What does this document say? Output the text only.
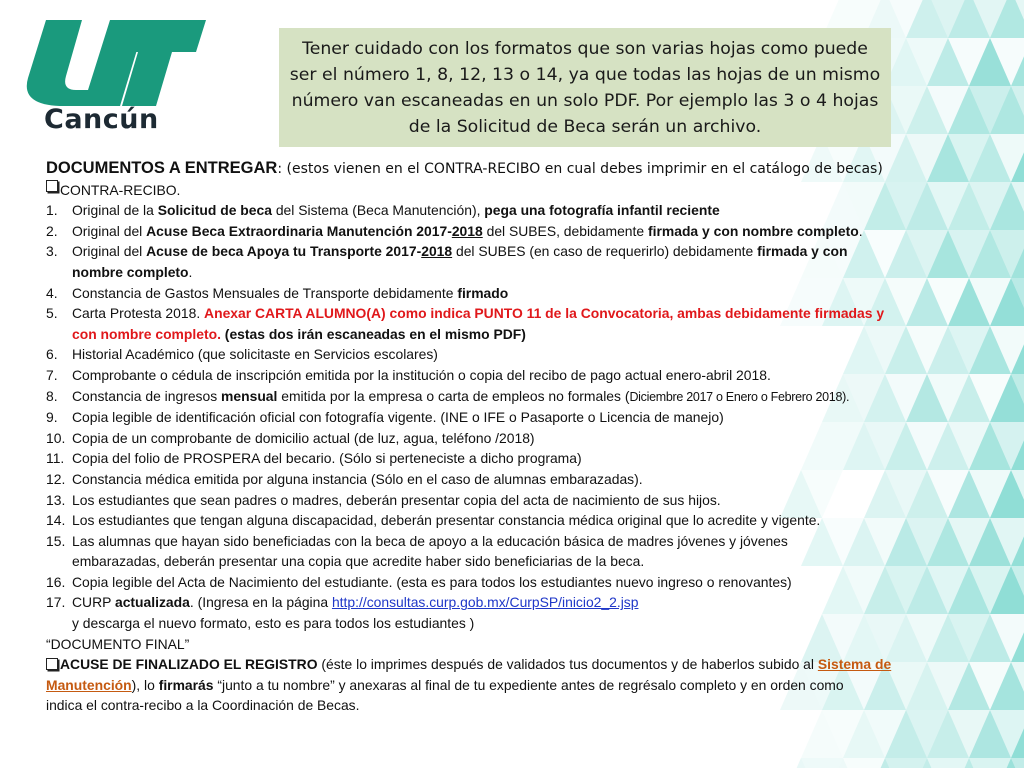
Cancún
Tener cuidado con los formatos que son varias hojas como puede ser el número 1, 8, 12, 13 o 14, ya que todas las hojas de un mismo número van escaneadas en un solo PDF. Por ejemplo las 3 o 4 hojas de la Solicitud de Beca serán un archivo.
DOCUMENTOS A ENTREGAR: (estos vienen en el CONTRA-RECIBO en cual debes imprimir en el catálogo de becas)
CONTRA-RECIBO.
1.	Original de la Solicitud de beca del Sistema (Beca Manutención), pega una fotografía infantil reciente
2.	Original del Acuse Beca Extraordinaria Manutención 2017-2018 del SUBES, debidamente firmada y con nombre completo.
3.	Original del Acuse de beca Apoya tu Transporte 2017-2018 del SUBES (en caso de requerirlo) debidamente firmada y con
nombre completo.
4.	Constancia de Gastos Mensuales de Transporte debidamente firmado
5.	Carta Protesta 2018. Anexar CARTA ALUMNO(A) como indica PUNTO 11 de la Convocatoria, ambas debidamente firmadas y
con nombre completo. (estas dos irán escaneadas en el mismo PDF)
6.	Historial Académico (que solicitaste en Servicios escolares)
7.	Comprobante o cédula de inscripción emitida por la institución o copia del recibo de pago actual enero-abril 2018.
8.	Constancia de ingresos mensual emitida por la empresa o carta de empleos no formales (Diciembre 2017 o Enero o Febrero 2018).
9.	Copia legible de identificación oficial con fotografía vigente. (INE o IFE o Pasaporte o Licencia de manejo)
10. Copia de un comprobante de domicilio actual (de luz, agua, teléfono /2018)
11. Copia del folio de PROSPERA del becario. (Sólo si perteneciste a dicho programa)
12. Constancia médica emitida por alguna instancia (Sólo en el caso de alumnas embarazadas).
13. Los estudiantes que sean padres o madres, deberán presentar copia del acta de nacimiento de sus hijos.
14. Los estudiantes que tengan alguna discapacidad, deberán presentar constancia médica original que lo acredite y vigente.
15. Las alumnas que hayan sido beneficiadas con la beca de apoyo a la educación básica de madres jóvenes y jóvenes
embarazadas, deberán presentar una copia que acredite haber sido beneficiarias de la beca.
16. Copia legible del Acta de Nacimiento del estudiante. (esta es para todos los estudiantes nuevo ingreso o renovantes)
17. CURP actualizada. (Ingresa en la página http://consultas.curp.gob.mx/CurpSP/inicio2_2.jsp
y descarga el nuevo formato, esto es para todos los estudiantes )
“DOCUMENTO FINAL”
ACUSE DE FINALIZADO EL REGISTRO (éste lo imprimes después de validados tus documentos y de haberlos subido al Sistema de
Manutención), lo firmarás “junto a tu nombre” y anexaras al final de tu expediente antes de regrésalo completo y en orden como
indica el contra-recibo a la Coordinación de Becas.
